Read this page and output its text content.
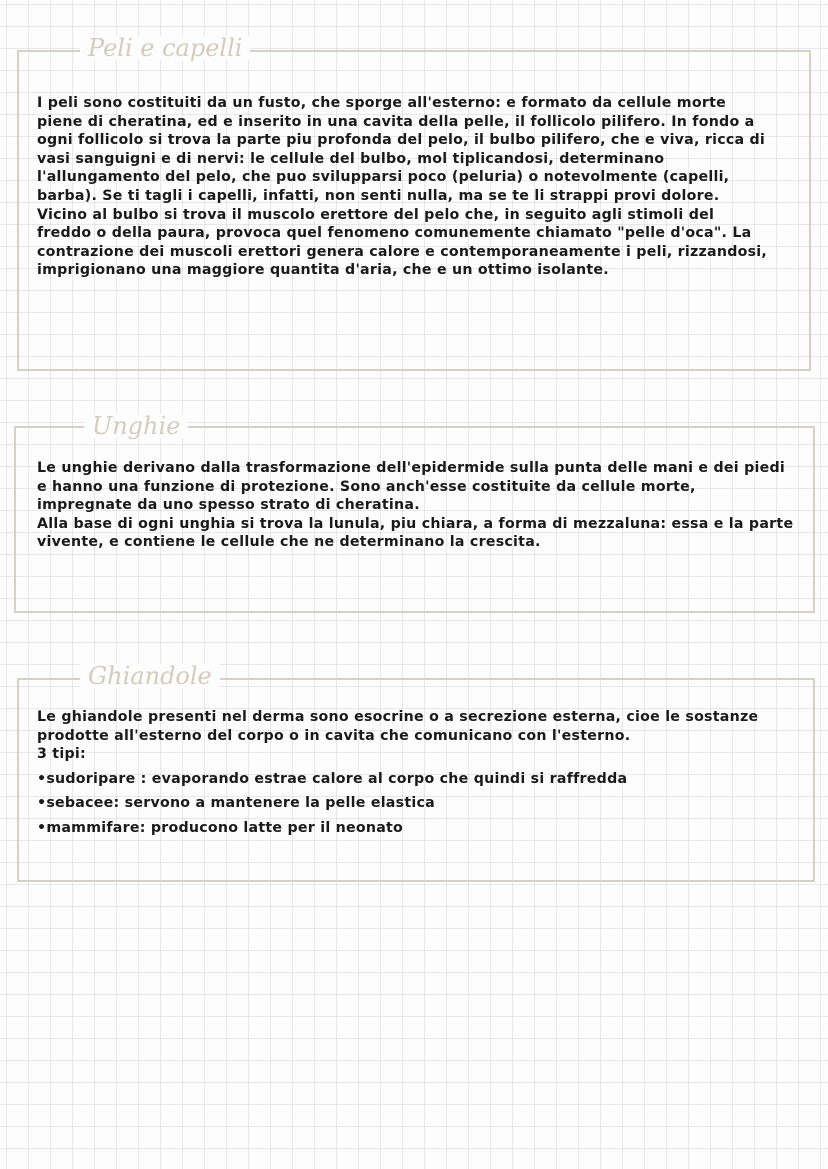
Peli e capelli

I peli sono costituiti da un fusto, che sporge all'esterno: e formato da cellule morte piene di cheratina, ed e inserito in una cavita della pelle, il follicolo pilifero. In fondo a ogni follicolo si trova la parte piu profonda del pelo, il bulbo pilifero, che e viva, ricca di vasi sanguigni e di nervi: le cellule del bulbo, mol tiplicandosi, determinano l'allungamento del pelo, che puo svilupparsi poco (peluria) o notevolmente (capelli, barba). Se ti tagli i capelli, infatti, non senti nulla, ma se te li strappi provi dolore. Vicino al bulbo si trova il muscolo erettore del pelo che, in seguito agli stimoli del freddo o della paura, provoca quel fenomeno comunemente chiamato "pelle d'oca". La contrazione dei muscoli erettori genera calore e contemporaneamente i peli, rizzandosi, imprigionano una maggiore quantita d'aria, che e un ottimo isolante.

Unghie

Le unghie derivano dalla trasformazione dell'epidermide sulla punta delle mani e dei piedi e hanno una funzione di protezione. Sono anch'esse costituite da cellule morte,

impregnate da uno spesso strato di cheratina.

Alla base di ogni unghia si trova la lunula, piu chiara, a forma di mezzaluna: essa e la parte vivente, e contiene le cellule che ne determinano la crescita.

Ghiandole

Le ghiandole presenti nel derma sono esocrine o a secrezione esterna, cioe le sostanze prodotte all'esterno del corpo o in cavita che comunicano con l'esterno.

3 tipi:

•sudoripare : evaporando estrae calore al corpo che quindi si raffredda
•sebacee: servono a mantenere la pelle elastica
•mammifare: producono latte per il neonato
